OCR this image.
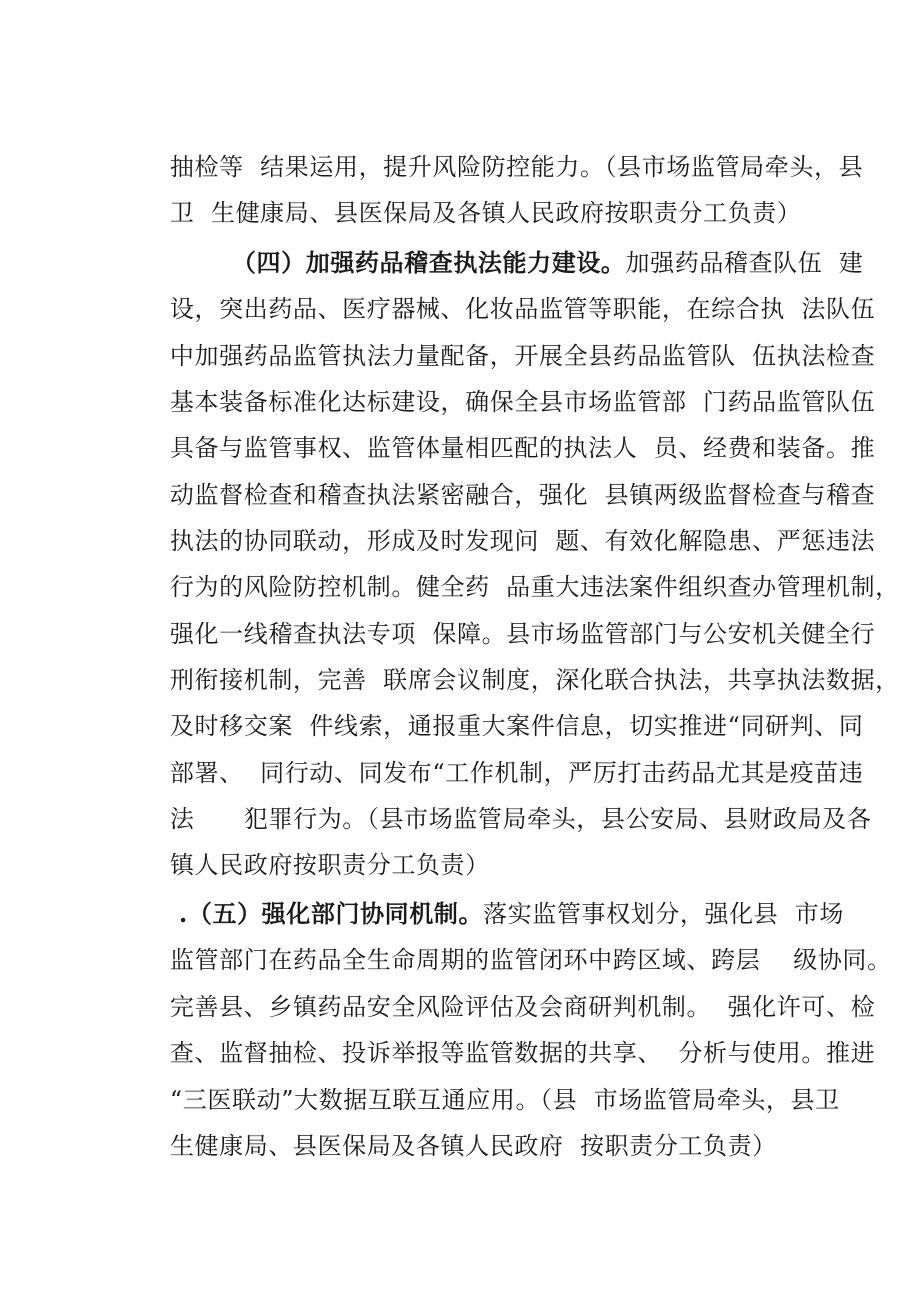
抽检等  结果运用，提升风险防控能力。（县市场监管局牵头，县

卫  生健康局、县医保局及各镇人民政府按职责分工负责）

（四）加强药品稽查执法能力建设。加强药品稽查队伍  建

设，突出药品、医疗器械、化妆品监管等职能，在综合执  法队伍

中加强药品监管执法力量配备，开展全县药品监管队  伍执法检查

基本装备标准化达标建设，确保全县市场监管部  门药品监管队伍

具备与监管事权、监管体量相匹配的执法人  员、经费和装备。推

动监督检查和稽查执法紧密融合，强化  县镇两级监督检查与稽查

执法的协同联动，形成及时发现问  题、有效化解隐患、严惩违法

行为的风险防控机制。健全药  品重大违法案件组织查办管理机制，

强化一线稽查执法专项  保障。县市场监管部门与公安机关健全行

刑衔接机制，完善  联席会议制度，深化联合执法，共享执法数据，

及时移交案  件线索，通报重大案件信息，切实推进“同研判、同

部署、  同行动、同发布“工作机制，严厉打击药品尤其是疫苗违

法      犯罪行为。（县市场监管局牵头，县公安局、县财政局及各

镇人民政府按职责分工负责）

.（五）强化部门协同机制。落实监管事权划分，强化县  市场

监管部门在药品全生命周期的监管闭环中跨区域、跨层    级协同。

完善县、乡镇药品安全风险评估及会商研判机制。  强化许可、检

查、监督抽检、投诉举报等监管数据的共享、  分析与使用。推进

“三医联动”大数据互联互通应用。（县  市场监管局牵头，县卫

生健康局、县医保局及各镇人民政府  按职责分工负责）
